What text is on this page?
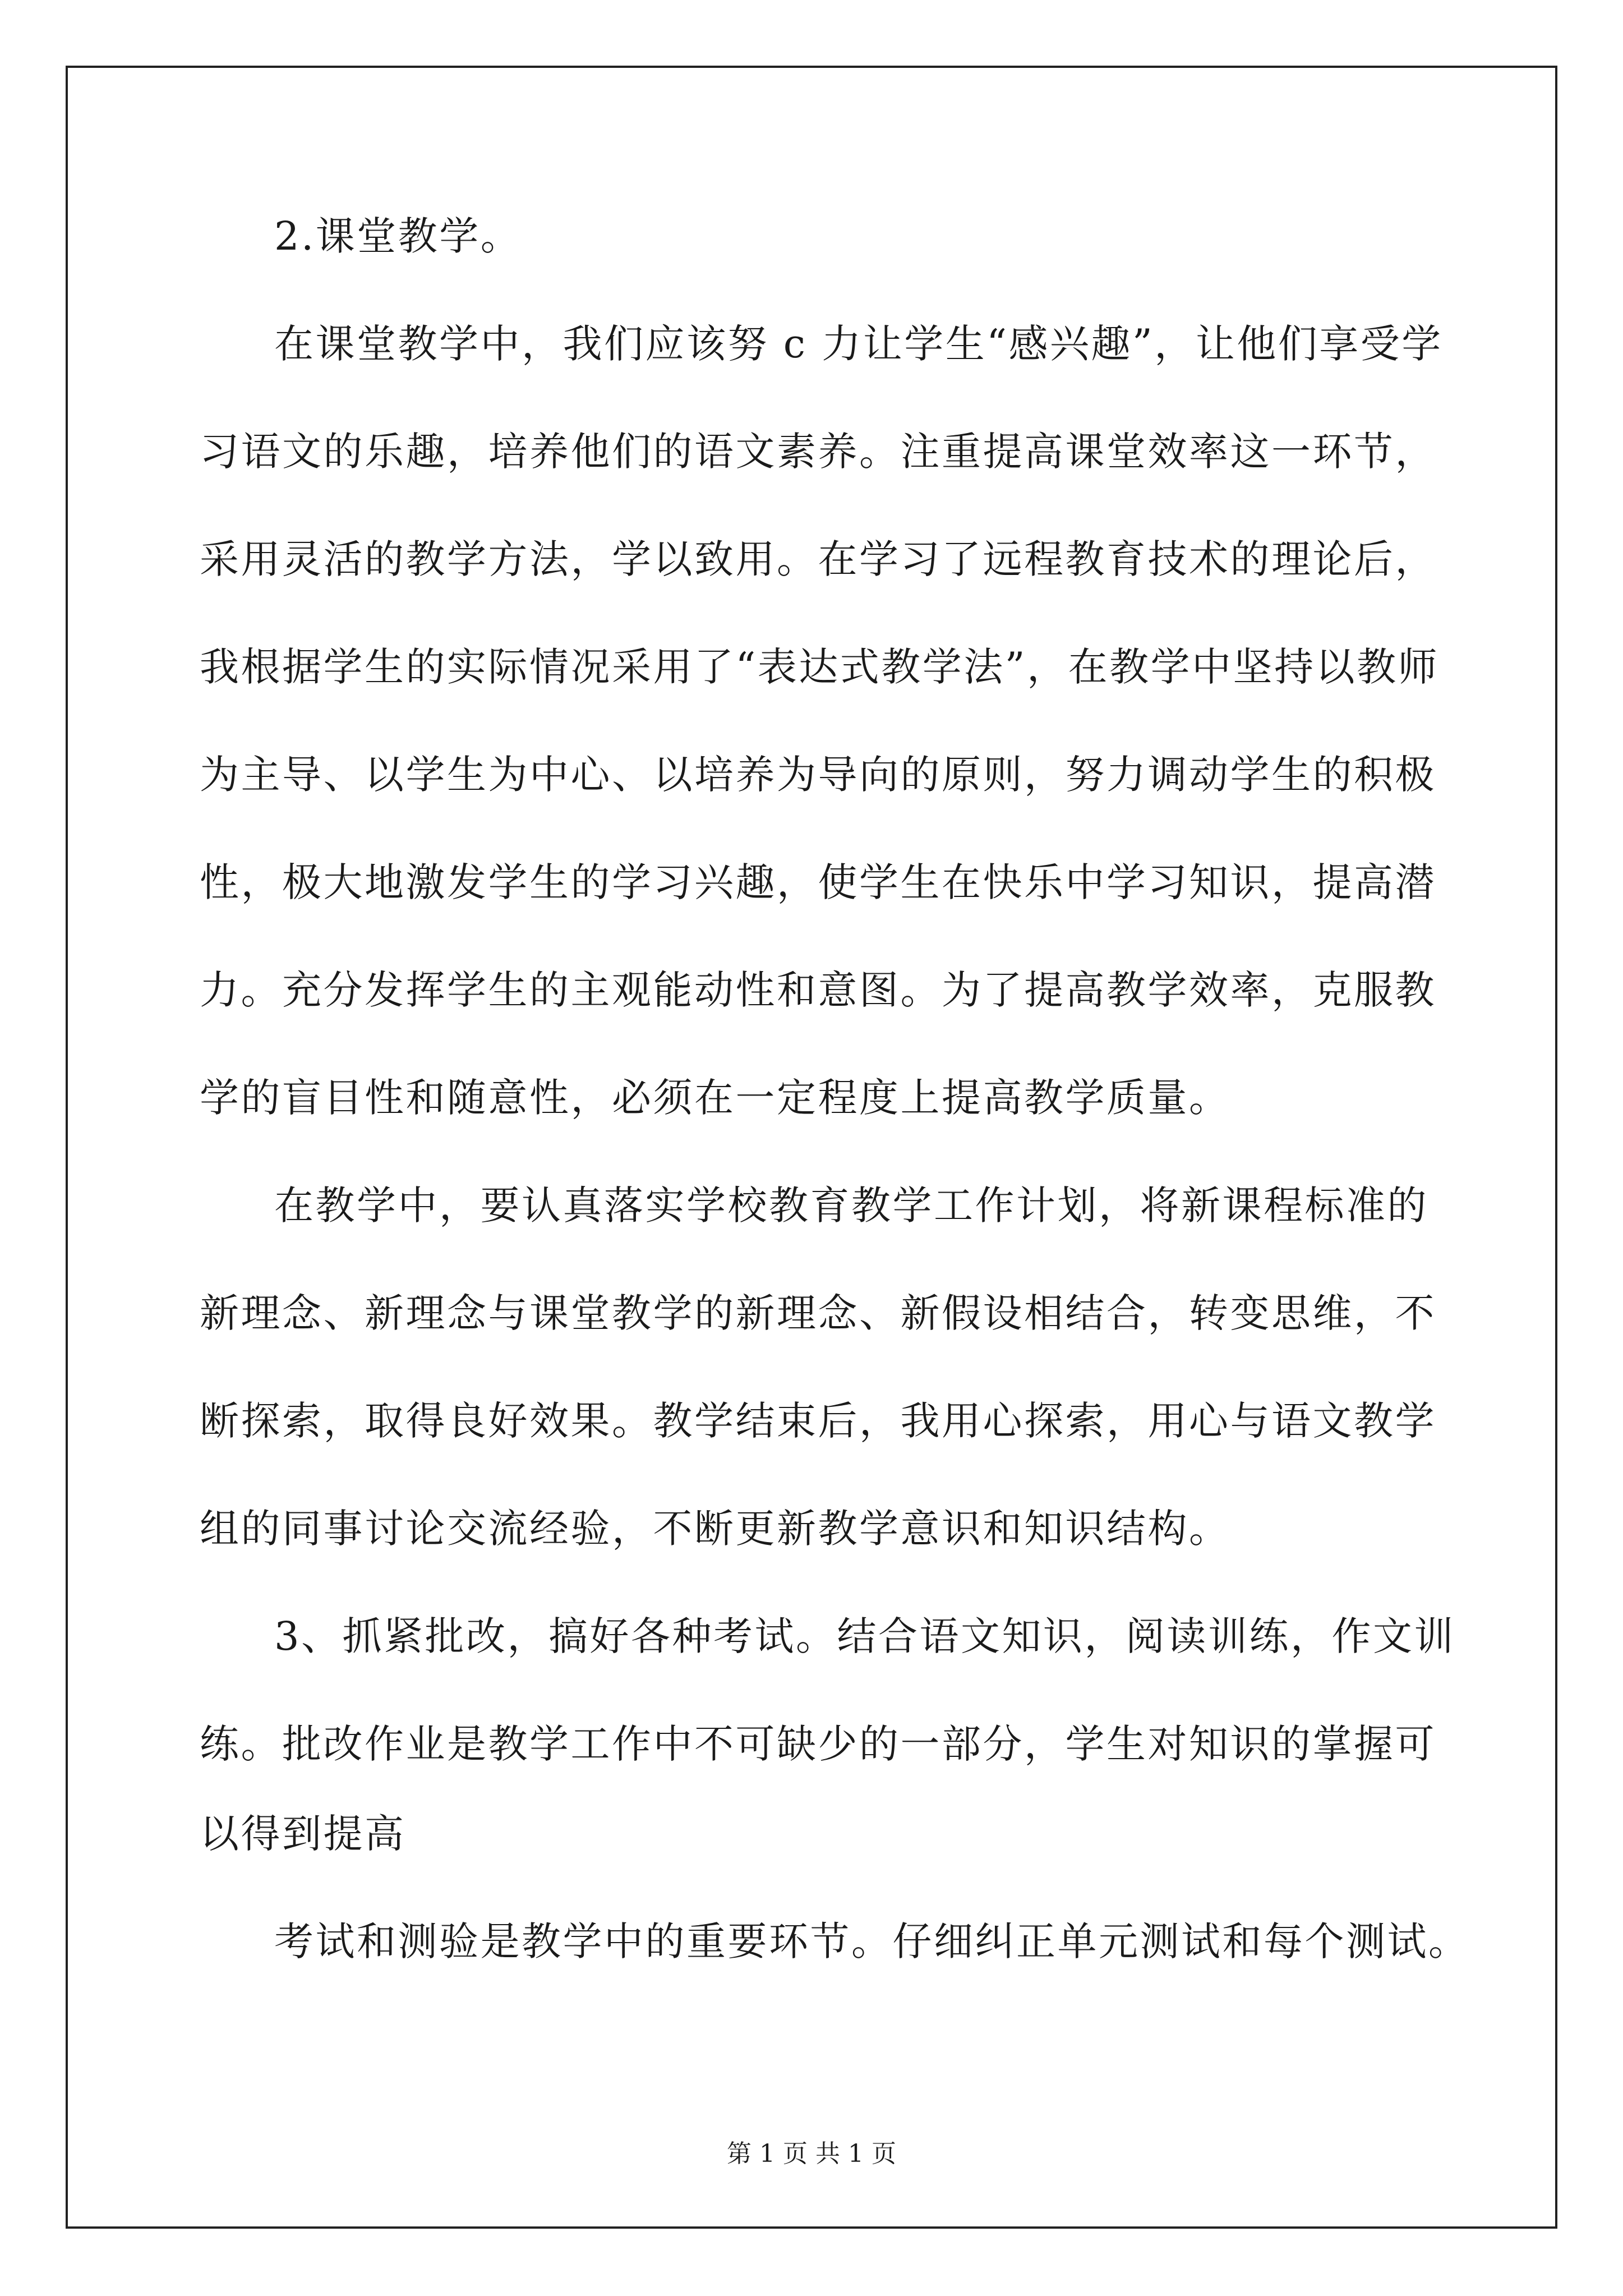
2.课堂教学。
在课堂教学中，我们应该努 c 力让学生“感兴趣”，让他们享受学
习语文的乐趣，培养他们的语文素养。注重提高课堂效率这一环节，
采用灵活的教学方法，学以致用。在学习了远程教育技术的理论后，
我根据学生的实际情况采用了“表达式教学法”，在教学中坚持以教师
为主导、以学生为中心、以培养为导向的原则，努力调动学生的积极
性，极大地激发学生的学习兴趣，使学生在快乐中学习知识，提高潜
力。充分发挥学生的主观能动性和意图。为了提高教学效率，克服教
学的盲目性和随意性，必须在一定程度上提高教学质量。
在教学中，要认真落实学校教育教学工作计划，将新课程标准的
新理念、新理念与课堂教学的新理念、新假设相结合，转变思维，不
断探索，取得良好效果。教学结束后，我用心探索，用心与语文教学
组的同事讨论交流经验，不断更新教学意识和知识结构。
3、抓紧批改，搞好各种考试。结合语文知识，阅读训练，作文训
练。批改作业是教学工作中不可缺少的一部分，学生对知识的掌握可
以得到提高
考试和测验是教学中的重要环节。仔细纠正单元测试和每个测试。
第 1 页 共 1 页
